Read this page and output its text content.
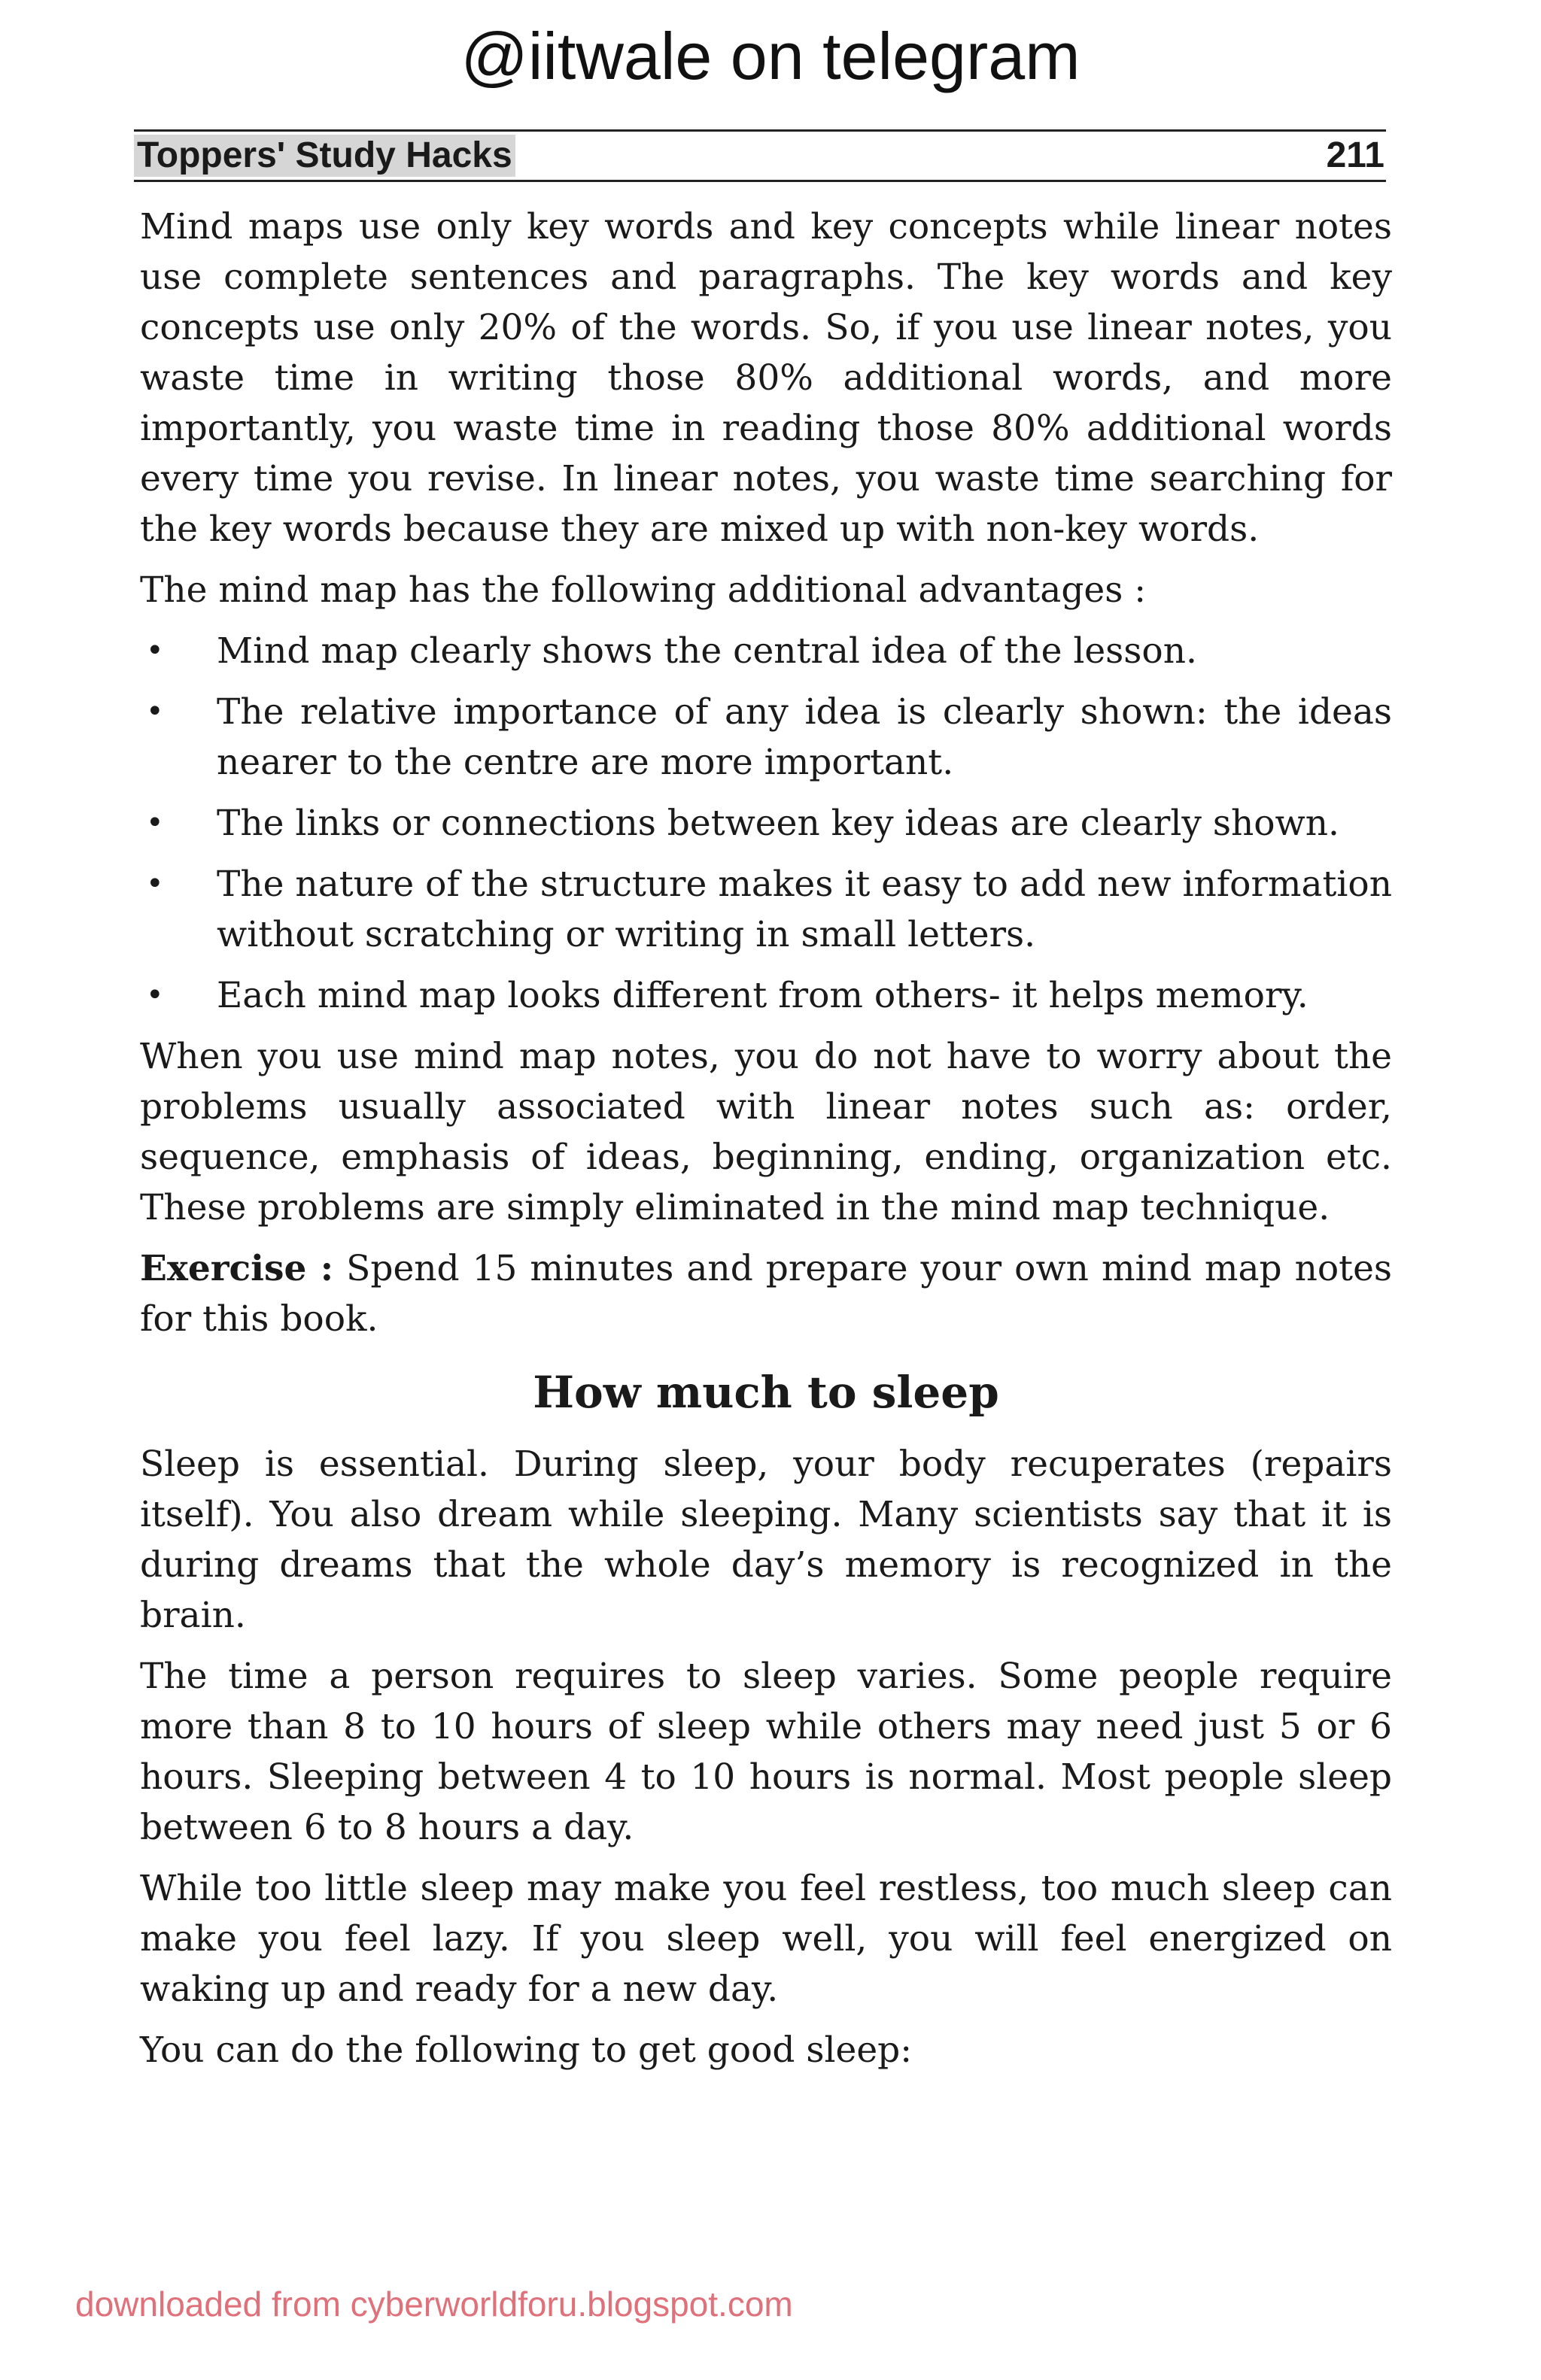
@iitwale on telegram
Toppers' Study Hacks	211

Mind maps use only key words and key concepts while linear notes use complete sentences and paragraphs. The key words and key concepts use only 20% of the words. So, if you use linear notes, you waste time in writing those 80% additional words, and more importantly, you waste time in reading those 80% additional words every time you revise. In linear notes, you waste time searching for the key words because they are mixed up with non-key words.

The mind map has the following additional advantages :

• Mind map clearly shows the central idea of the lesson.
• The relative importance of any idea is clearly shown: the ideas nearer to the centre are more important.
• The links or connections between key ideas are clearly shown.
• The nature of the structure makes it easy to add new information without scratching or writing in small letters.
• Each mind map looks different from others- it helps memory.

When you use mind map notes, you do not have to worry about the problems usually associated with linear notes such as: order, sequence, emphasis of ideas, beginning, ending, organization etc. These problems are simply eliminated in the mind map technique.

Exercise : Spend 15 minutes and prepare your own mind map notes for this book.

How much to sleep

Sleep is essential. During sleep, your body recuperates (repairs itself). You also dream while sleeping. Many scientists say that it is during dreams that the whole day’s memory is recognized in the brain.

The time a person requires to sleep varies. Some people require more than 8 to 10 hours of sleep while others may need just 5 or 6 hours. Sleeping between 4 to 10 hours is normal. Most people sleep between 6 to 8 hours a day.

While too little sleep may make you feel restless, too much sleep can make you feel lazy. If you sleep well, you will feel energized on waking up and ready for a new day.

You can do the following to get good sleep:

downloaded from cyberworldforu.blogspot.com
